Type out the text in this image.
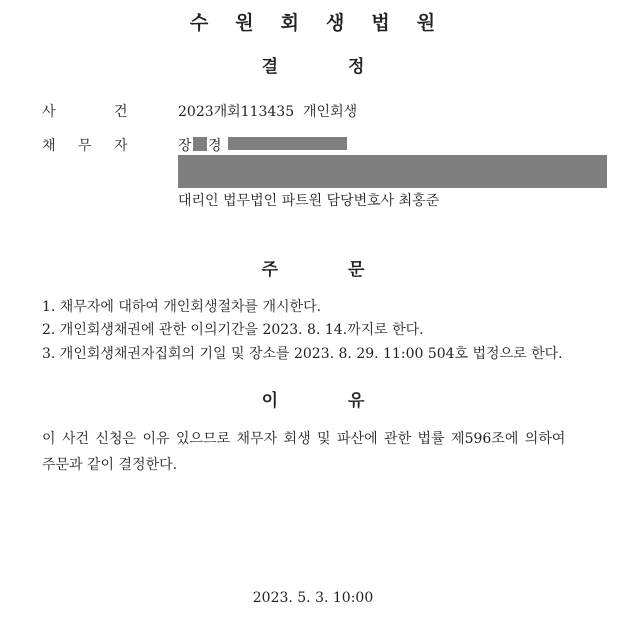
수 원 회 생 법 원
결	정
사	건	2023개회113435  개인회생
채 무 자	장 경
대리인 법무법인 파트원 담당변호사 최홍준
주	문
1. 채무자에 대하여 개인회생절차를 개시한다.
2. 개인회생채권에 관한 이의기간을 2023. 8. 14.까지로 한다.
3. 개인회생채권자집회의 기일 및 장소를 2023. 8. 29. 11:00 504호 법정으로 한다.
이	유
이 사건 신청은 이유 있으므로 채무자 회생 및 파산에 관한 법률 제596조에 의하여
주문과 같이 결정한다.
2023. 5. 3. 10:00
